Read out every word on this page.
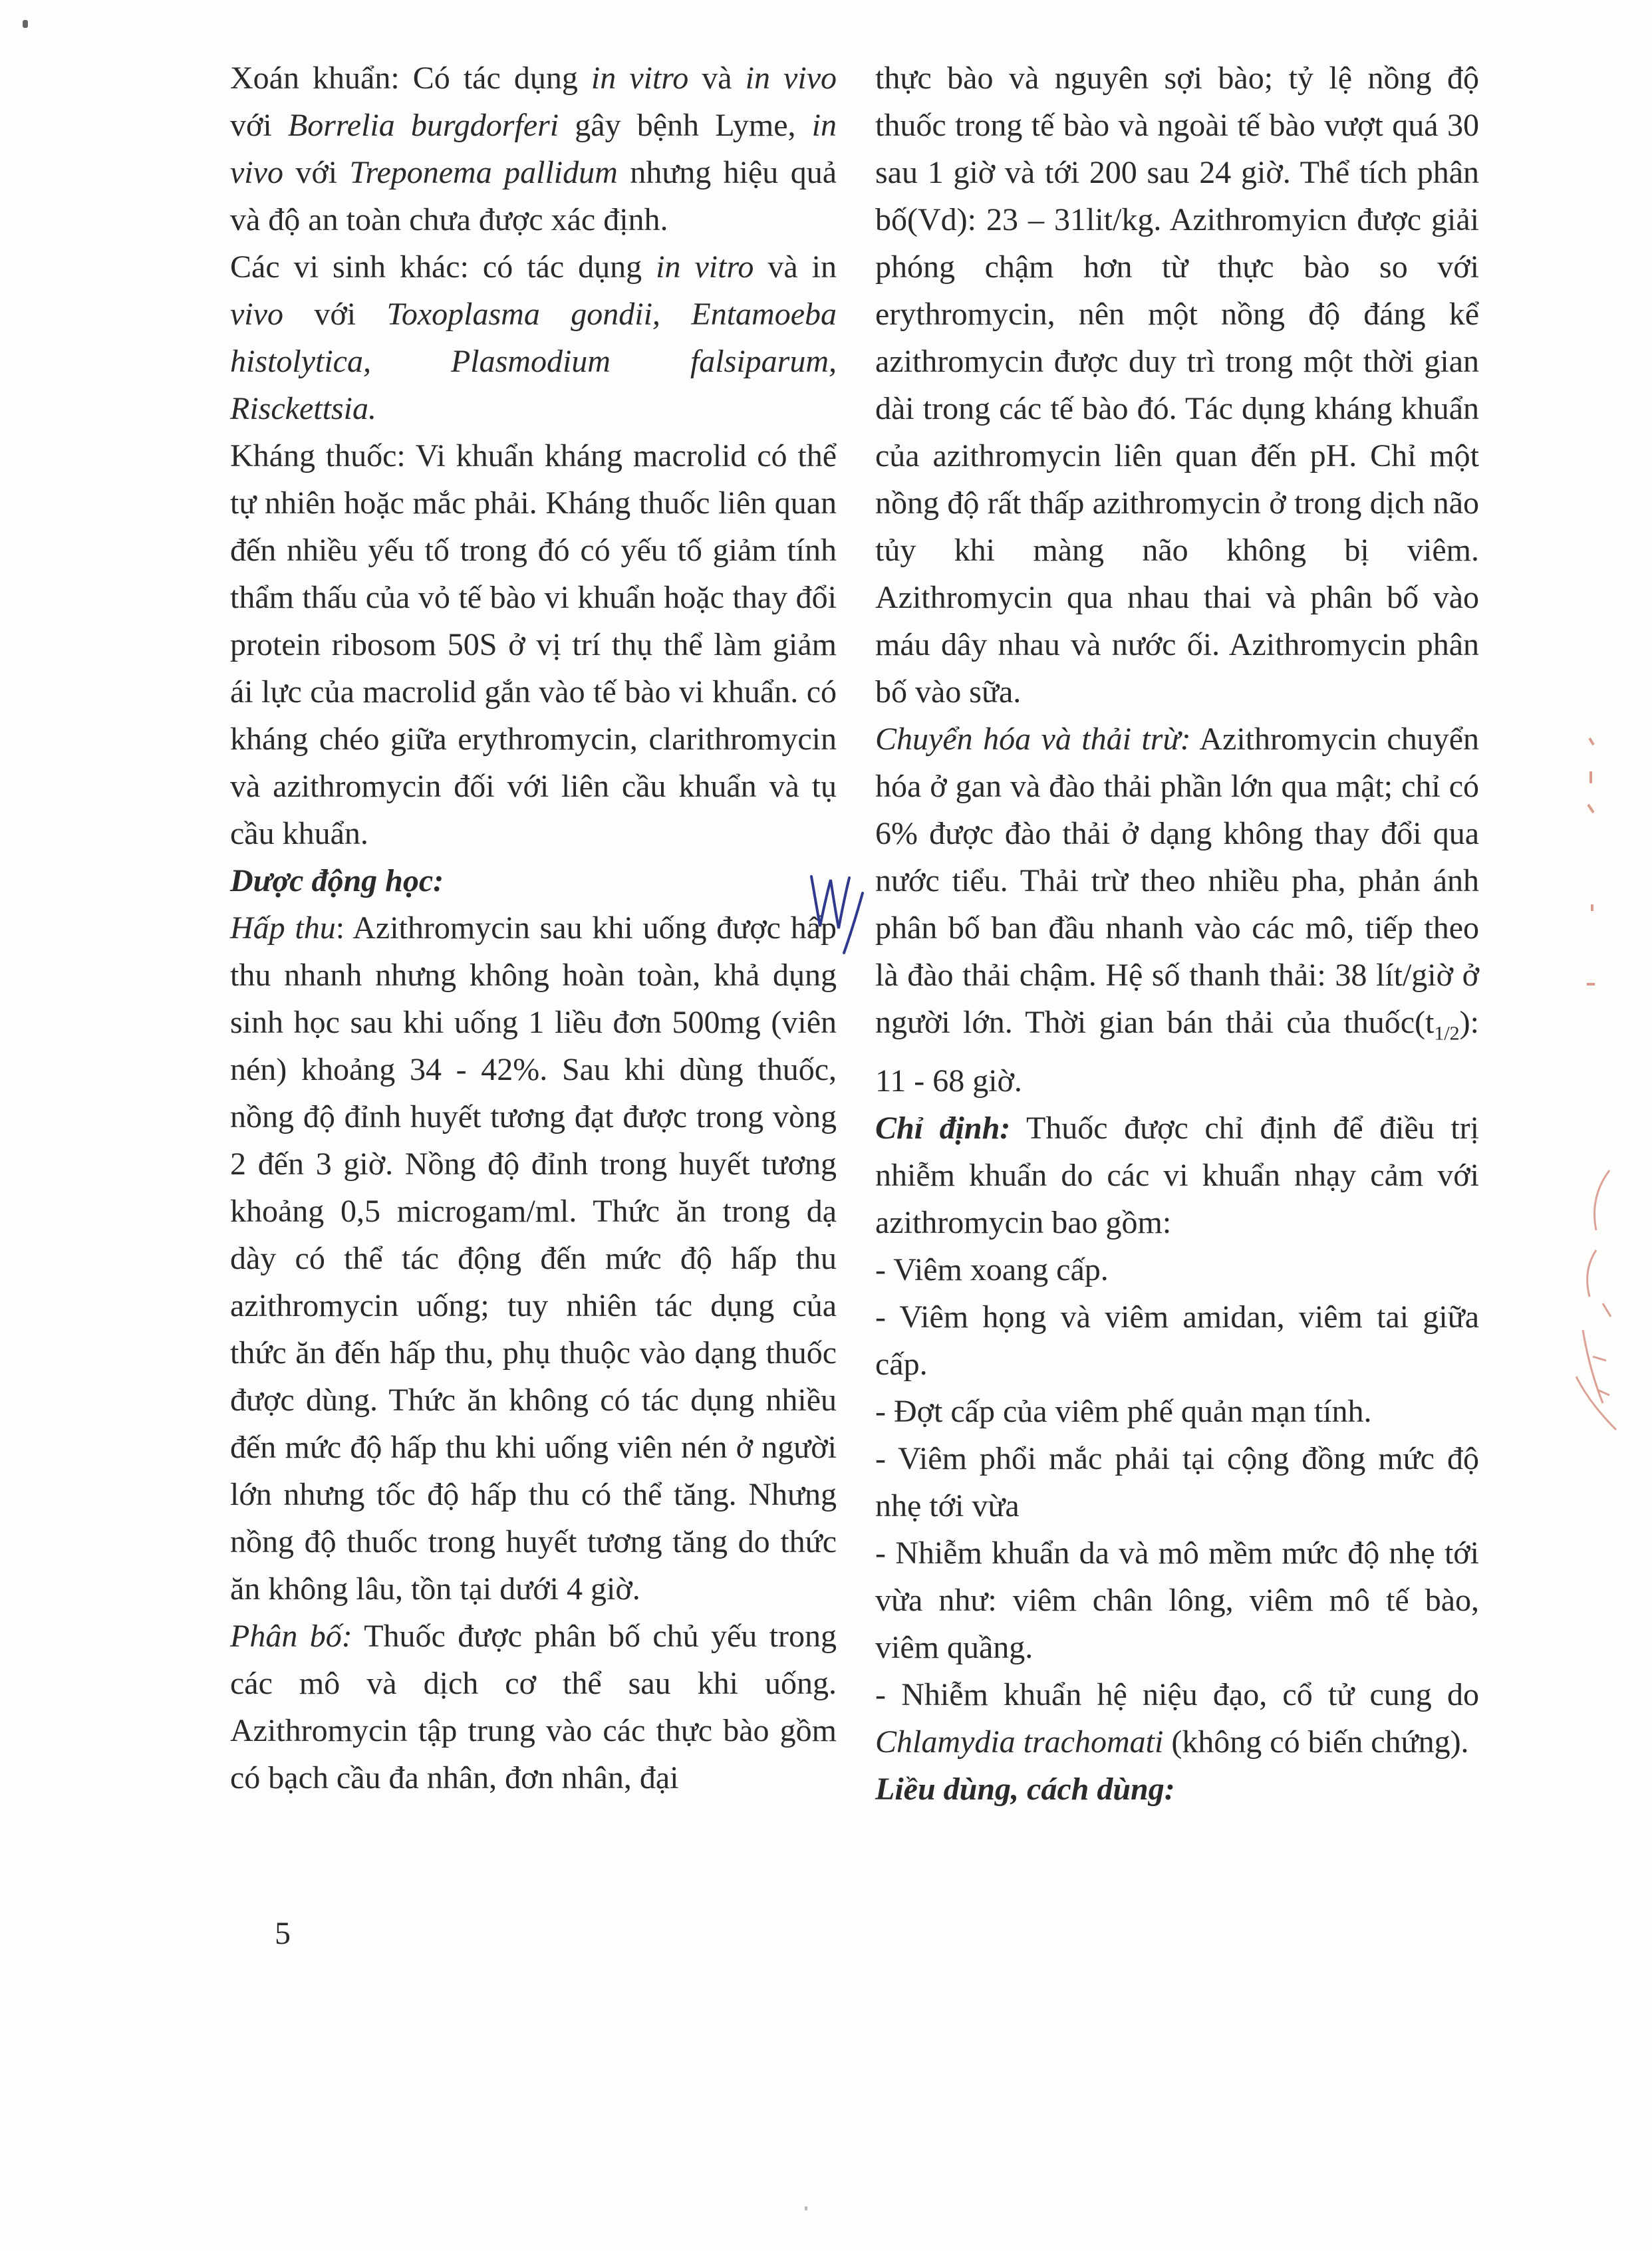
Xoán khuẩn: Có tác dụng in vitro và in vivo với Borrelia burgdorferi gây bệnh Lyme, in vivo với Treponema pallidum nhưng hiệu quả và độ an toàn chưa được xác định.

Các vi sinh khác: có tác dụng in vitro và in vivo với Toxoplasma gondii, Entamoeba histolytica, Plasmodium falsiparum, Risckettsia.

Kháng thuốc: Vi khuẩn kháng macrolid có thể tự nhiên hoặc mắc phải. Kháng thuốc liên quan đến nhiều yếu tố trong đó có yếu tố giảm tính thẩm thấu của vỏ tế bào vi khuẩn hoặc thay đổi protein ribosom 50S ở vị trí thụ thể làm giảm ái lực của macrolid gắn vào tế bào vi khuẩn. có kháng chéo giữa erythromycin, clarithromycin và azithromycin đối với liên cầu khuẩn và tụ cầu khuẩn.

Dược động học:

Hấp thu: Azithromycin sau khi uống được hấp thu nhanh nhưng không hoàn toàn, khả dụng sinh học sau khi uống 1 liều đơn 500mg (viên nén) khoảng 34 - 42%. Sau khi dùng thuốc, nồng độ đỉnh huyết tương đạt được trong vòng 2 đến 3 giờ. Nồng độ đỉnh trong huyết tương khoảng 0,5 microgam/ml. Thức ăn trong dạ dày có thể tác động đến mức độ hấp thu azithromycin uống; tuy nhiên tác dụng của thức ăn đến hấp thu, phụ thuộc vào dạng thuốc được dùng. Thức ăn không có tác dụng nhiều đến mức độ hấp thu khi uống viên nén ở người lớn nhưng tốc độ hấp thu có thể tăng. Nhưng nồng độ thuốc trong huyết tương tăng do thức ăn không lâu, tồn tại dưới 4 giờ.

Phân bố: Thuốc được phân bố chủ yếu trong các mô và dịch cơ thể sau khi uống. Azithromycin tập trung vào các thực bào gồm có bạch cầu đa nhân, đơn nhân, đại

thực bào và nguyên sợi bào; tỷ lệ nồng độ thuốc trong tế bào và ngoài tế bào vượt quá 30 sau 1 giờ và tới 200 sau 24 giờ. Thể tích phân bố(Vd): 23 – 31lit/kg. Azithromyicn được giải phóng chậm hơn từ thực bào so với erythromycin, nên một nồng độ đáng kể azithromycin được duy trì trong một thời gian dài trong các tế bào đó. Tác dụng kháng khuẩn của azithromycin liên quan đến pH. Chỉ một nồng độ rất thấp azithromycin ở trong dịch não tủy khi màng não không bị viêm. Azithromycin qua nhau thai và phân bố vào máu dây nhau và nước ối. Azithromycin phân bố vào sữa.

Chuyển hóa và thải trừ: Azithromycin chuyển hóa ở gan và đào thải phần lớn qua mật; chỉ có 6% được đào thải ở dạng không thay đổi qua nước tiểu. Thải trừ theo nhiều pha, phản ánh phân bố ban đầu nhanh vào các mô, tiếp theo là đào thải chậm. Hệ số thanh thải: 38 lít/giờ ở người lớn. Thời gian bán thải của $thuốc(t_{1/2})$: 11 - 68 giờ.

Chỉ định: Thuốc được chỉ định để điều trị nhiễm khuẩn do các vi khuẩn nhạy cảm với azithromycin bao gồm:

- Viêm xoang cấp.

- Viêm họng và viêm amidan, viêm tai giữa cấp.

- Đợt cấp của viêm phế quản mạn tính.

- Viêm phổi mắc phải tại cộng đồng mức độ nhẹ tới vừa

- Nhiễm khuẩn da và mô mềm mức độ nhẹ tới vừa như: viêm chân lông, viêm mô tế bào, viêm quầng.

- Nhiễm khuẩn hệ niệu đạo, cổ tử cung do Chlamydia trachomati (không có biến chứng).

Liều dùng, cách dùng:

5
